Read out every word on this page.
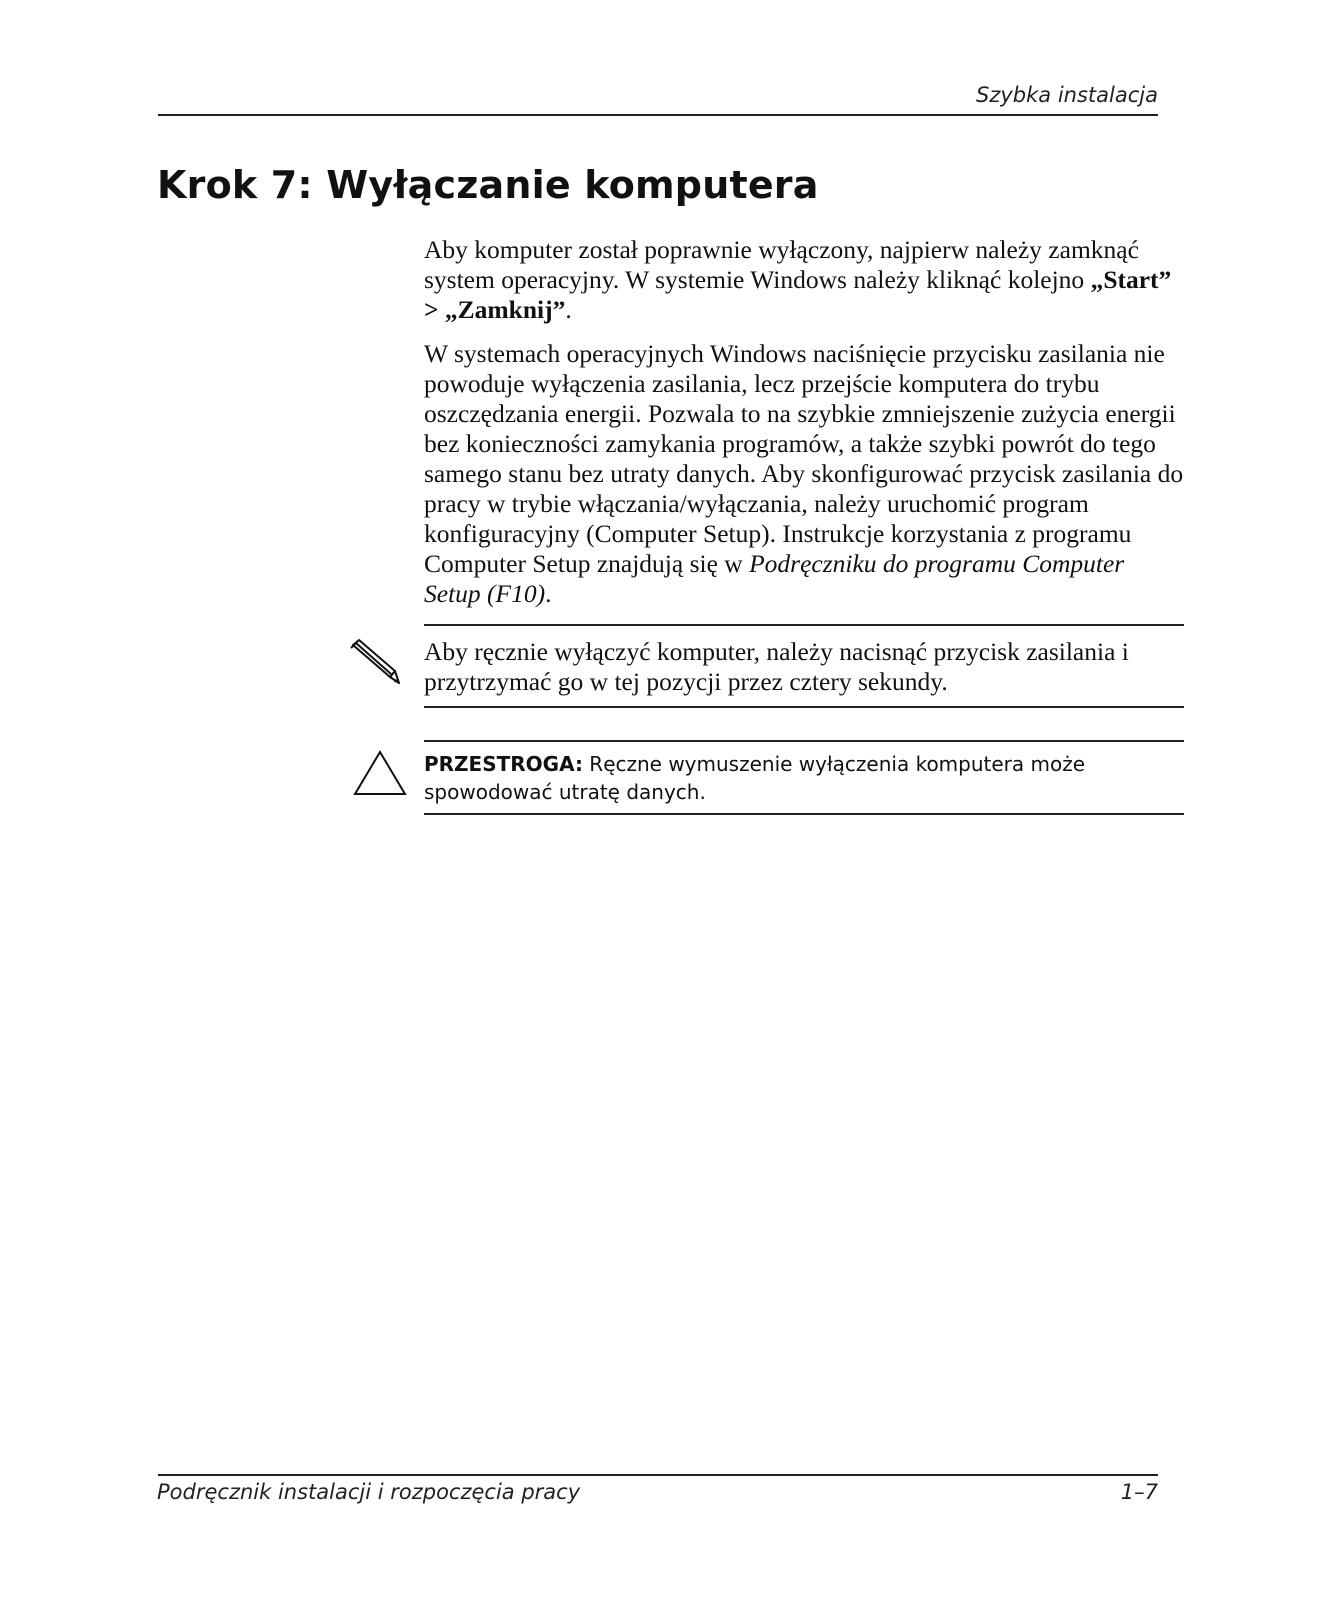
Szybka instalacja
Krok 7: Wyłączanie komputera

Aby komputer został poprawnie wyłączony, najpierw należy zamknąć system operacyjny. W systemie Windows należy kliknąć kolejno „Start” > „Zamknij”.

W systemach operacyjnych Windows naciśnięcie przycisku zasilania nie powoduje wyłączenia zasilania, lecz przejście komputera do trybu oszczędzania energii. Pozwala to na szybkie zmniejszenie zużycia energii bez konieczności zamykania programów, a także szybki powrót do tego samego stanu bez utraty danych. Aby skonfigurować przycisk zasilania do pracy w trybie włączania/wyłączania, należy uruchomić program konfiguracyjny (Computer Setup). Instrukcje korzystania z programu Computer Setup znajdują się w Podręczniku do programu Computer Setup (F10).

Aby ręcznie wyłączyć komputer, należy nacisnąć przycisk zasilania i przytrzymać go w tej pozycji przez cztery sekundy.

PRZESTROGA: Ręczne wymuszenie wyłączenia komputera może spowodować utratę danych.

Podręcznik instalacji i rozpoczęcia pracy	1–7
